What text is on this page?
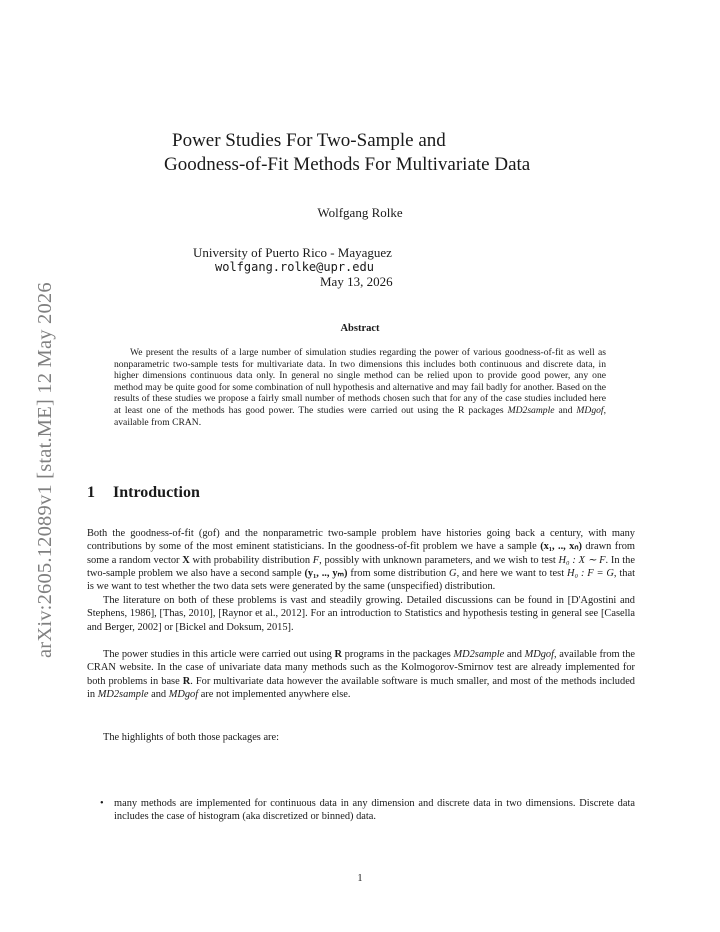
arXiv:2605.12089v1 [stat.ME] 12 May 2026
Power Studies For Two-Sample and
Goodness-of-Fit Methods For Multivariate Data
Wolfgang Rolke
University of Puerto Rico - Mayaguez
wolfgang.rolke@upr.edu
May 13, 2026
Abstract

We present the results of a large number of simulation studies regarding the power of various goodness-of-fit as well as nonparametric two-sample tests for multivariate data. In two dimensions this includes both continuous and discrete data, in higher dimensions continuous data only. In general no single method can be relied upon to provide good power, any one method may be quite good for some combination of null hypothesis and alternative and may fail badly for another. Based on the results of these studies we propose a fairly small number of methods chosen such that for any of the case studies included here at least one of the methods has good power. The studies were carried out using the R packages MD2sample and MDgof, available from CRAN.

1 Introduction

Both the goodness-of-fit (gof) and the nonparametric two-sample problem have histories going back a century, with many contributions by some of the most eminent statisticians. In the goodness-of-fit problem we have a sample (x₁, .., xₙ) drawn from some a random vector X with probability distribution F, possibly with unknown parameters, and we wish to test H₀ : X ∼ F. In the two-sample problem we also have a second sample (y₁, .., yₘ) from some distribution G, and here we want to test H₀ : F = G, that is we want to test whether the two data sets were generated by the same (unspecified) distribution.

The literature on both of these problems is vast and steadily growing. Detailed discussions can be found in [D'Agostini and Stephens, 1986], [Thas, 2010], [Raynor et al., 2012]. For an introduction to Statistics and hypothesis testing in general see [Casella and Berger, 2002] or [Bickel and Doksum, 2015].

The power studies in this article were carried out using R programs in the packages MD2sample and MDgof, available from the CRAN website. In the case of univariate data many methods such as the Kolmogorov-Smirnov test are already implemented for both problems in base R. For multivariate data however the available software is much smaller, and most of the methods included in MD2sample and MDgof are not implemented anywhere else.

The highlights of both those packages are:

• many methods are implemented for continuous data in any dimension and discrete data in two dimensions. Discrete data includes the case of histogram (aka discretized or binned) data.
1
